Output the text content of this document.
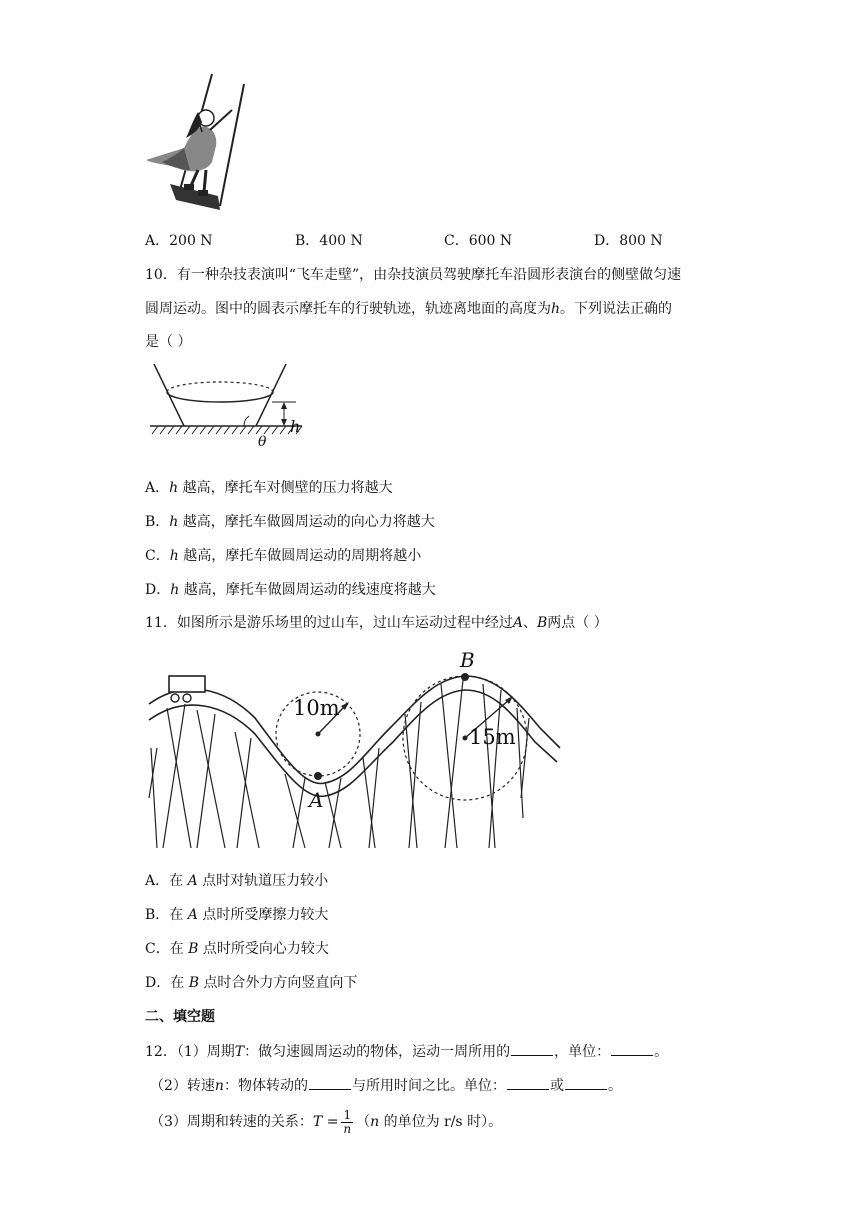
A．200 N	B．400 N	C．600 N	D．800 N
10．有一种杂技表演叫“飞车走壁”，由杂技演员驾驶摩托车沿圆形表演台的侧壁做匀速
圆周运动。图中的圆表示摩托车的行驶轨迹，轨迹离地面的高度为h。下列说法正确的
是（ ）
h
θ
A．h 越高，摩托车对侧壁的压力将越大
B．h 越高，摩托车做圆周运动的向心力将越大
C．h 越高，摩托车做圆周运动的周期将越小
D．h 越高，摩托车做圆周运动的线速度将越大
11．如图所示是游乐场里的过山车，过山车运动过程中经过A、B两点（ ）
10m
15m
A
B
A．在 A 点时对轨道压力较小
B．在 A 点时所受摩擦力较大
C．在 B 点时所受向心力较大
D．在 B 点时合外力方向竖直向下
二、填空题
12．（1）周期T：做匀速圆周运动的物体，运动一周所用的	，单位：	。
（2）转速n：物体转动的	与所用时间之比。单位：	或	。
（3）周期和转速的关系：$T = \frac{1}{n} (n$ 的单位为 r/s 时）。
